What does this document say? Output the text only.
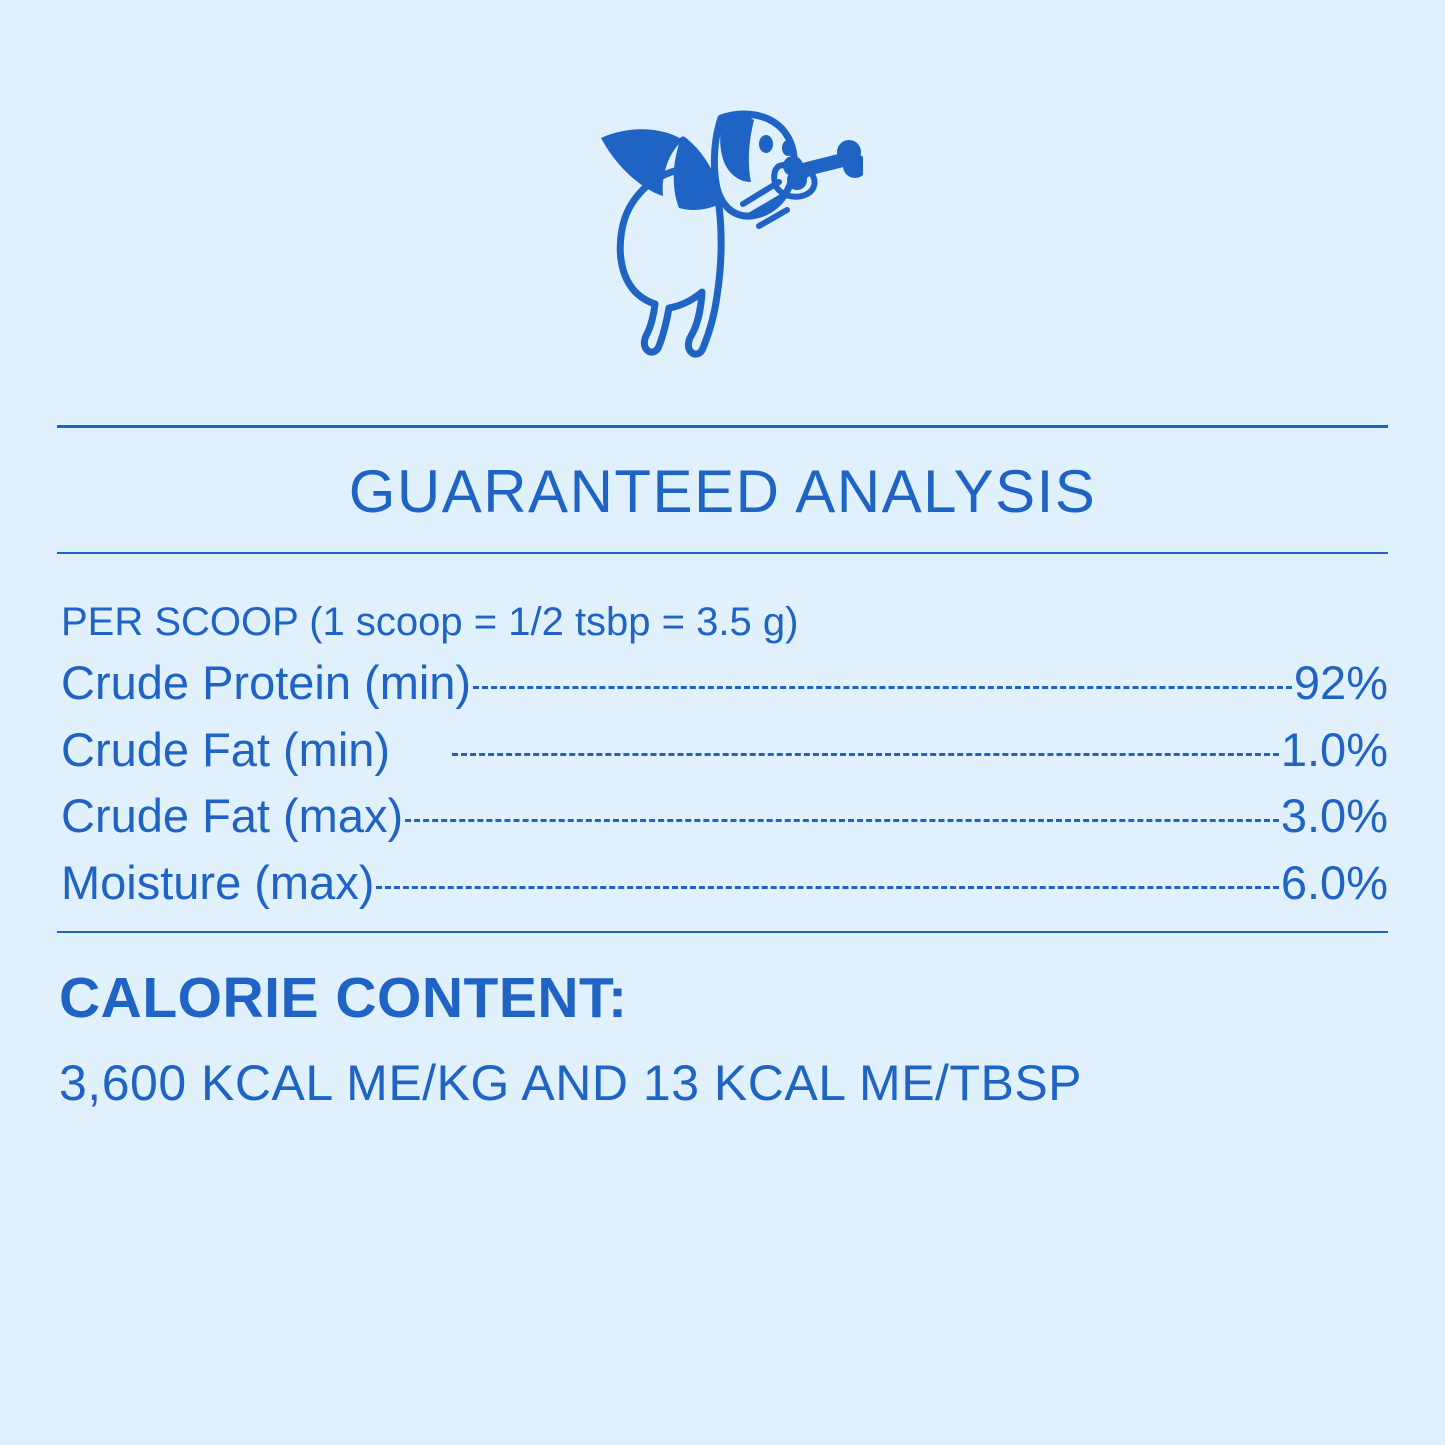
GUARANTEED ANALYSIS
PER SCOOP (1 scoop = 1/2 tsbp = 3.5 g)
Crude Protein (min)	92%
Crude Fat (min)	1.0%
Crude Fat (max)	3.0%
Moisture (max)	6.0%
CALORIE CONTENT:
3,600 KCAL ME/KG AND 13 KCAL ME/TBSP
